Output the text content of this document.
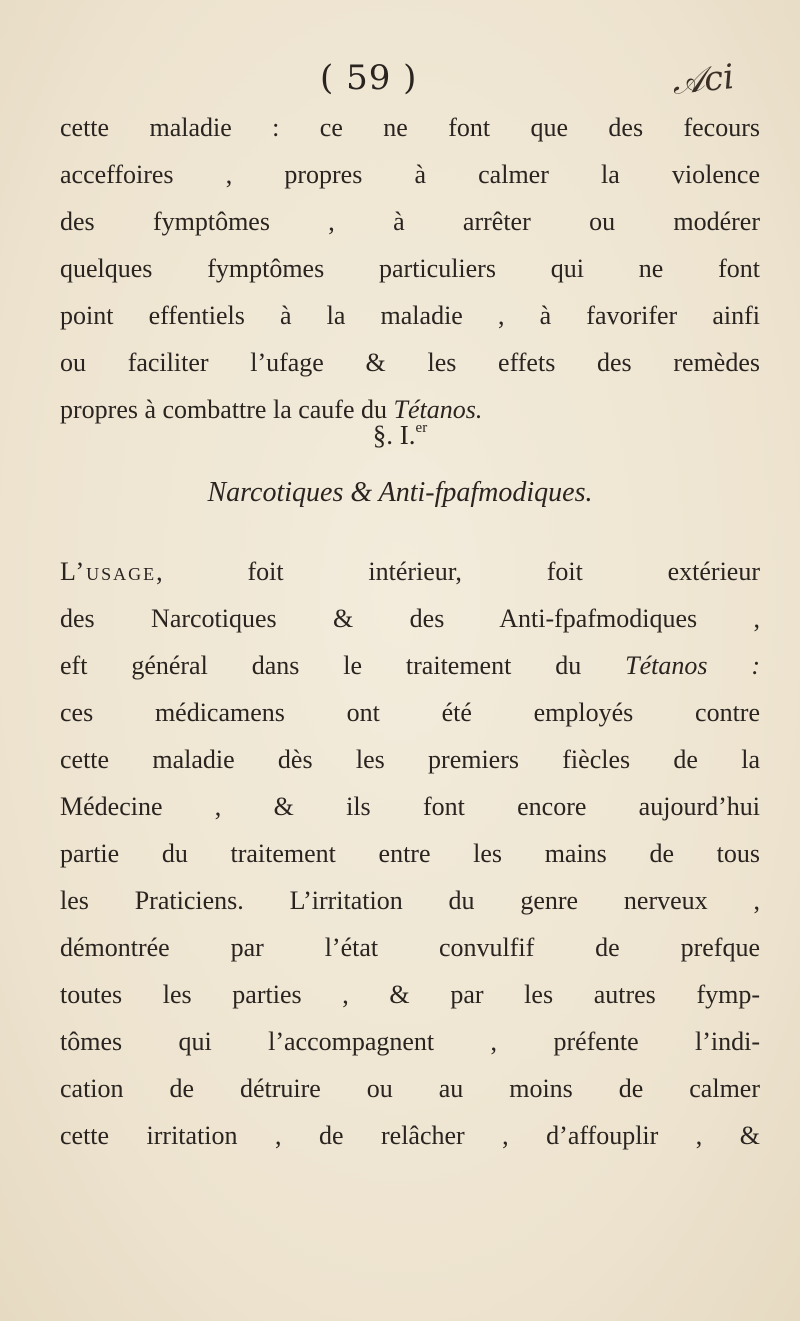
( 59 )	𝒜ci
cette maladie : ce ne font que des fecours
acceffoires , propres à calmer la violence
des fymptômes , à arrêter ou modérer
quelques fymptômes particuliers qui ne font
point effentiels à la maladie , à favorifer ainfi
ou faciliter l’ufage & les effets des remèdes
propres à combattre la caufe du Tétanos.
§. I.$^{er}$
Narcotiques & Anti-fpafmodiques.
L’usage, foit intérieur, foit extérieur
des Narcotiques & des Anti-fpafmodiques ,
eft général dans le traitement du Tétanos :
ces médicamens ont été employés contre
cette maladie dès les premiers fiècles de la
Médecine , & ils font encore aujourd’hui
partie du traitement entre les mains de tous
les Praticiens. L’irritation du genre nerveux ,
démontrée par l’état convulfif de prefque
toutes les parties , & par les autres fymp-
tômes qui l’accompagnent , préfente l’indi-
cation de détruire ou au moins de calmer
cette irritation , de relâcher , d’affouplir , &
